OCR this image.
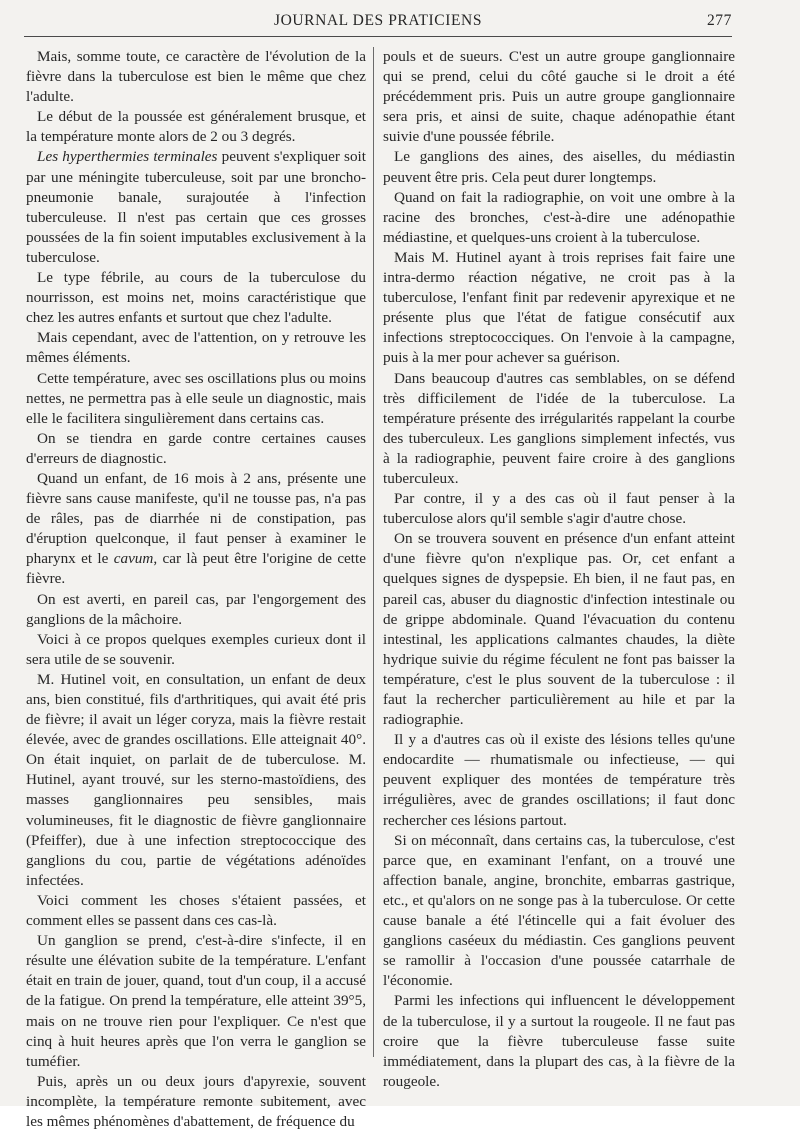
JOURNAL DES PRATICIENS	277

Mais, somme toute, ce caractère de l'évolution de la fièvre dans la tuberculose est bien le même que chez l'adulte.

Le début de la poussée est généralement brusque, et la température monte alors de 2 ou 3 degrés.

Les hyperthermies terminales peuvent s'expliquer soit par une méningite tuberculeuse, soit par une broncho-pneumonie banale, surajoutée à l'infection tuberculeuse. Il n'est pas certain que ces grosses poussées de la fin soient imputables exclusivement à la tuberculose.

Le type fébrile, au cours de la tuberculose du nourrisson, est moins net, moins caractéristique que chez les autres enfants et surtout que chez l'adulte.

Mais cependant, avec de l'attention, on y retrouve les mêmes éléments.

Cette température, avec ses oscillations plus ou moins nettes, ne permettra pas à elle seule un diagnostic, mais elle le facilitera singulièrement dans certains cas.

On se tiendra en garde contre certaines causes d'erreurs de diagnostic.

Quand un enfant, de 16 mois à 2 ans, présente une fièvre sans cause manifeste, qu'il ne tousse pas, n'a pas de râles, pas de diarrhée ni de constipation, pas d'éruption quelconque, il faut penser à examiner le pharynx et le cavum, car là peut être l'origine de cette fièvre.

On est averti, en pareil cas, par l'engorgement des ganglions de la mâchoire.

Voici à ce propos quelques exemples curieux dont il sera utile de se souvenir.

M. Hutinel voit, en consultation, un enfant de deux ans, bien constitué, fils d'arthritiques, qui avait été pris de fièvre; il avait un léger coryza, mais la fièvre restait élevée, avec de grandes oscillations. Elle atteignait 40°. On était inquiet, on parlait de de tuberculose. M. Hutinel, ayant trouvé, sur les sterno-mastoïdiens, des masses ganglionnaires peu sensibles, mais volumineuses, fit le diagnostic de fièvre ganglionnaire (Pfeiffer), due à une infection streptococcique des ganglions du cou, partie de végétations adénoïdes infectées.

Voici comment les choses s'étaient passées, et comment elles se passent dans ces cas-là.

Un ganglion se prend, c'est-à-dire s'infecte, il en résulte une élévation subite de la température. L'enfant était en train de jouer, quand, tout d'un coup, il a accusé de la fatigue. On prend la température, elle atteint 39°5, mais on ne trouve rien pour l'expliquer. Ce n'est que cinq à huit heures après que l'on verra le ganglion se tuméfier.

Puis, après un ou deux jours d'apyrexie, souvent incomplète, la température remonte subitement, avec les mêmes phénomènes d'abattement, de fréquence du

pouls et de sueurs. C'est un autre groupe ganglionnaire qui se prend, celui du côté gauche si le droit a été précédemment pris. Puis un autre groupe ganglionnaire sera pris, et ainsi de suite, chaque adénopathie étant suivie d'une poussée fébrile.

Le ganglions des aines, des aiselles, du médiastin peuvent être pris. Cela peut durer longtemps.

Quand on fait la radiographie, on voit une ombre à la racine des bronches, c'est-à-dire une adénopathie médiastine, et quelques-uns croient à la tuberculose.

Mais M. Hutinel ayant à trois reprises fait faire une intra-dermo réaction négative, ne croit pas à la tuberculose, l'enfant finit par redevenir apyrexique et ne présente plus que l'état de fatigue consécutif aux infections streptococciques. On l'envoie à la campagne, puis à la mer pour achever sa guérison.

Dans beaucoup d'autres cas semblables, on se défend très difficilement de l'idée de la tuberculose. La température présente des irrégularités rappelant la courbe des tuberculeux. Les ganglions simplement infectés, vus à la radiographie, peuvent faire croire à des ganglions tuberculeux.

Par contre, il y a des cas où il faut penser à la tuberculose alors qu'il semble s'agir d'autre chose.

On se trouvera souvent en présence d'un enfant atteint d'une fièvre qu'on n'explique pas. Or, cet enfant a quelques signes de dyspepsie. Eh bien, il ne faut pas, en pareil cas, abuser du diagnostic d'infection intestinale ou de grippe abdominale. Quand l'évacuation du contenu intestinal, les applications calmantes chaudes, la diète hydrique suivie du régime féculent ne font pas baisser la température, c'est le plus souvent de la tuberculose : il faut la rechercher particulièrement au hile et par la radiographie.

Il y a d'autres cas où il existe des lésions telles qu'une endocardite — rhumatismale ou infectieuse, — qui peuvent expliquer des montées de température très irrégulières, avec de grandes oscillations; il faut donc rechercher ces lésions partout.

Si on méconnaît, dans certains cas, la tuberculose, c'est parce que, en examinant l'enfant, on a trouvé une affection banale, angine, bronchite, embarras gastrique, etc., et qu'alors on ne songe pas à la tuberculose. Or cette cause banale a été l'étincelle qui a fait évoluer des ganglions caséeux du médiastin. Ces ganglions peuvent se ramollir à l'occasion d'une poussée catarrhale de l'économie.

Parmi les infections qui influencent le développement de la tuberculose, il y a surtout la rougeole. Il ne faut pas croire que la fièvre tuberculeuse fasse suite immédiatement, dans la plupart des cas, à la fièvre de la rougeole.
